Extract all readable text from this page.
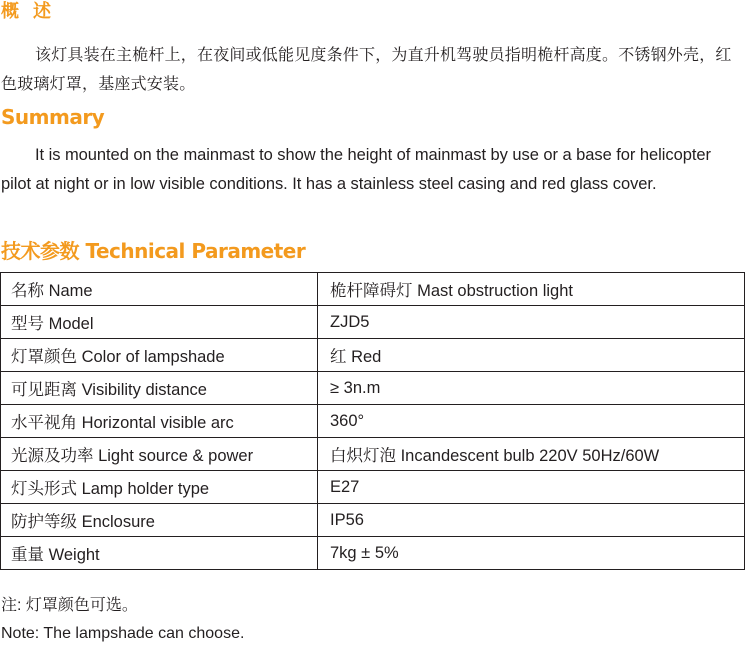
概述
该灯具装在主桅杆上，在夜间或低能见度条件下，为直升机驾驶员指明桅杆高度。不锈钢外壳，红色玻璃灯罩，基座式安装。
Summary
It is mounted on the mainmast to show the height of mainmast by use or a base for helicopter pilot at night or in low visible conditions. It has a stainless steel casing and red glass cover.
技术参数 Technical Parameter
名称 Name	桅杆障碍灯 Mast obstruction light
型号 Model	ZJD5
灯罩颜色 Color of lampshade	红 Red
可见距离 Visibility distance	≥ 3n.m
水平视角 Horizontal visible arc	360°
光源及功率 Light source & power	白炽灯泡 Incandescent bulb 220V 50Hz/60W
灯头形式 Lamp holder type	E27
防护等级 Enclosure	IP56
重量 Weight	7kg ± 5%
注: 灯罩颜色可选。
Note: The lampshade can choose.
